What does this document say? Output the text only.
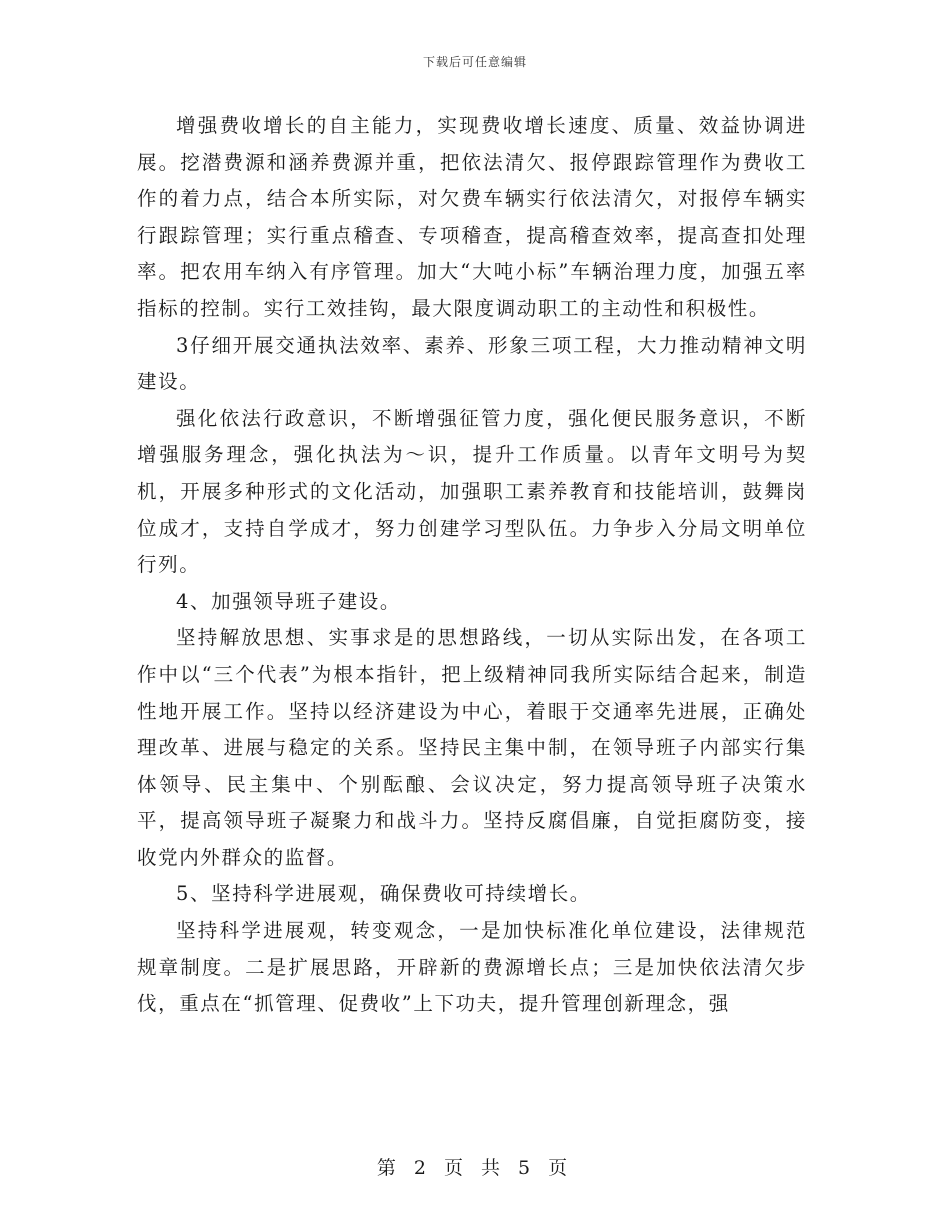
下载后可任意编辑

增强费收增长的自主能力，实现费收增长速度、质量、效益协调进展。挖潜费源和涵养费源并重，把依法清欠、报停跟踪管理作为费收工作的着力点，结合本所实际，对欠费车辆实行依法清欠，对报停车辆实行跟踪管理；实行重点稽查、专项稽查，提高稽查效率，提高查扣处理率。把农用车纳入有序管理。加大“大吨小标”车辆治理力度，加强五率指标的控制。实行工效挂钩，最大限度调动职工的主动性和积极性。

3仔细开展交通执法效率、素养、形象三项工程，大力推动精神文明建设。

强化依法行政意识，不断增强征管力度，强化便民服务意识，不断增强服务理念，强化执法为～识，提升工作质量。以青年文明号为契机，开展多种形式的文化活动，加强职工素养教育和技能培训，鼓舞岗位成才，支持自学成才，努力创建学习型队伍。力争步入分局文明单位行列。

4、加强领导班子建设。

坚持解放思想、实事求是的思想路线，一切从实际出发，在各项工作中以“三个代表”为根本指针，把上级精神同我所实际结合起来，制造性地开展工作。坚持以经济建设为中心，着眼于交通率先进展，正确处理改革、进展与稳定的关系。坚持民主集中制，在领导班子内部实行集体领导、民主集中、个别酝酿、会议决定，努力提高领导班子决策水平，提高领导班子凝聚力和战斗力。坚持反腐倡廉，自觉拒腐防变，接收党内外群众的监督。

5、坚持科学进展观，确保费收可持续增长。

坚持科学进展观，转变观念，一是加快标准化单位建设，法律规范规章制度。二是扩展思路，开辟新的费源增长点；三是加快依法清欠步伐，重点在“抓管理、促费收”上下功夫，提升管理创新理念，强

第 2 页 共 5 页
